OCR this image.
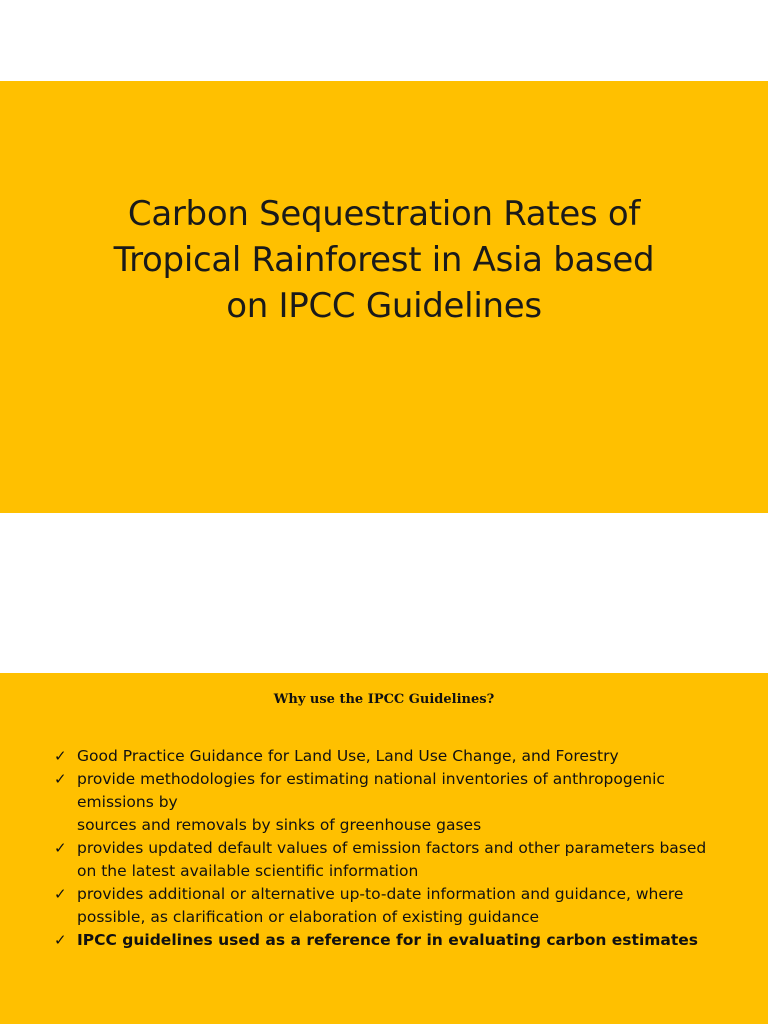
Carbon Sequestration Rates of
Tropical Rainforest in Asia based
on IPCC Guidelines
Why use the IPCC Guidelines?
✓ Good Practice Guidance for Land Use, Land Use Change, and Forestry
✓ provide methodologies for estimating national inventories of anthropogenic
emissions by
sources and removals by sinks of greenhouse gases
✓ provides updated default values of emission factors and other parameters based
on the latest available scientific information
✓ provides additional or alternative up-to-date information and guidance, where
possible, as clarification or elaboration of existing guidance
✓ IPCC guidelines used as a reference for in evaluating carbon estimates
